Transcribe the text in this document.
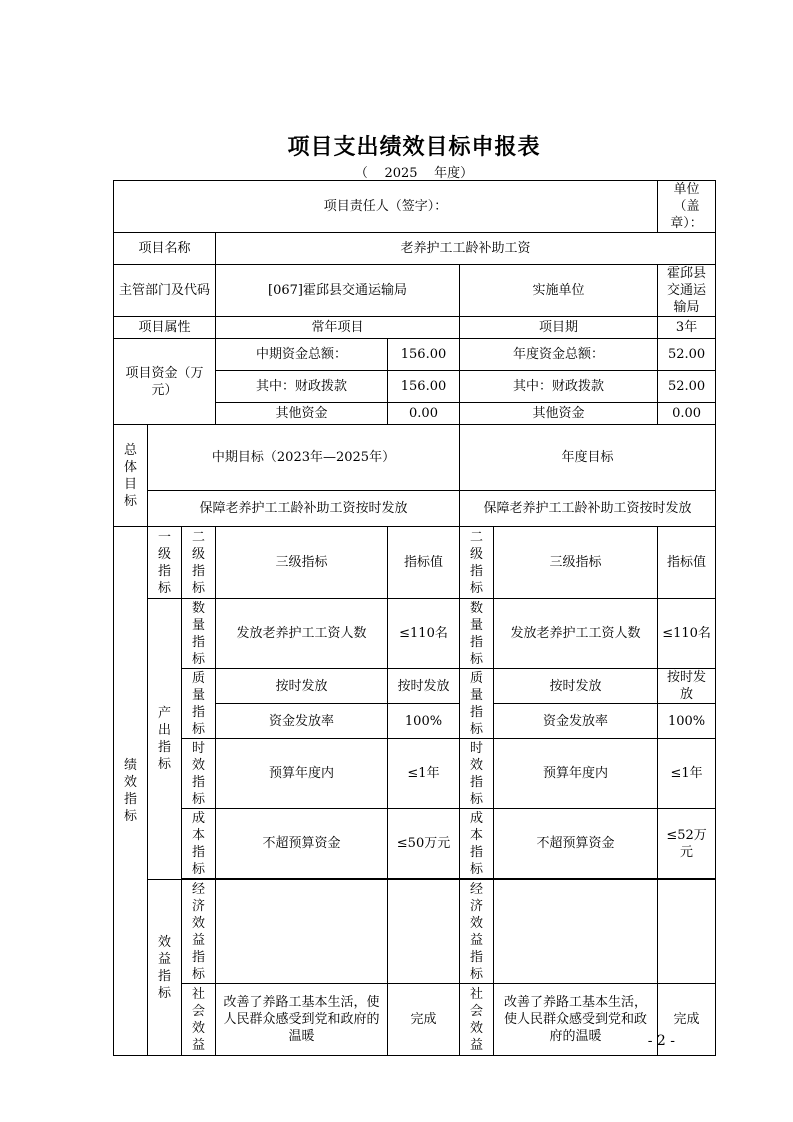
项目支出绩效目标申报表
（    2025    年度）
项目责任人（签字）：							单位（盖章）：
项目名称			老养护工工龄补助工资				
主管部门及代码			[067]霍邱县交通运输局		实施单位		霍邱县交通运输局
项目属性			常年项目		项目期		3年
项目资金（万元）			中期资金总额：	156.00	年度资金总额：		52.00
			其中：财政拨款	156.00	其中：财政拨款		52.00
			其他资金	0.00	其他资金		0.00
总体目标	中期目标（2023年—2025年）				年度目标		
	保障老养护工工龄补助工资按时发放				保障老养护工工龄补助工资按时发放		
绩效指标	一级指标	二级指标	三级指标	指标值	二级指标	三级指标	指标值
	产出指标	数量指标	发放老养护工工资人数	≤110名	数量指标	发放老养护工工资人数	≤110名
		质量指标	按时发放	按时发放	质量指标	按时发放	按时发放
			资金发放率	100%		资金发放率	100%
		时效指标	预算年度内	≤1年	时效指标	预算年度内	≤1年
		成本指标	不超预算资金	≤50万元	成本指标	不超预算资金	≤52万元

	效益指标	经济效益指标			经济效益指标		
		社会效益	改善了养路工基本生活，使人民群众感受到党和政府的温暖	完成	社会效益	改善了养路工基本生活，使人民群众感受到党和政府的温暖	完成
- 2 -
